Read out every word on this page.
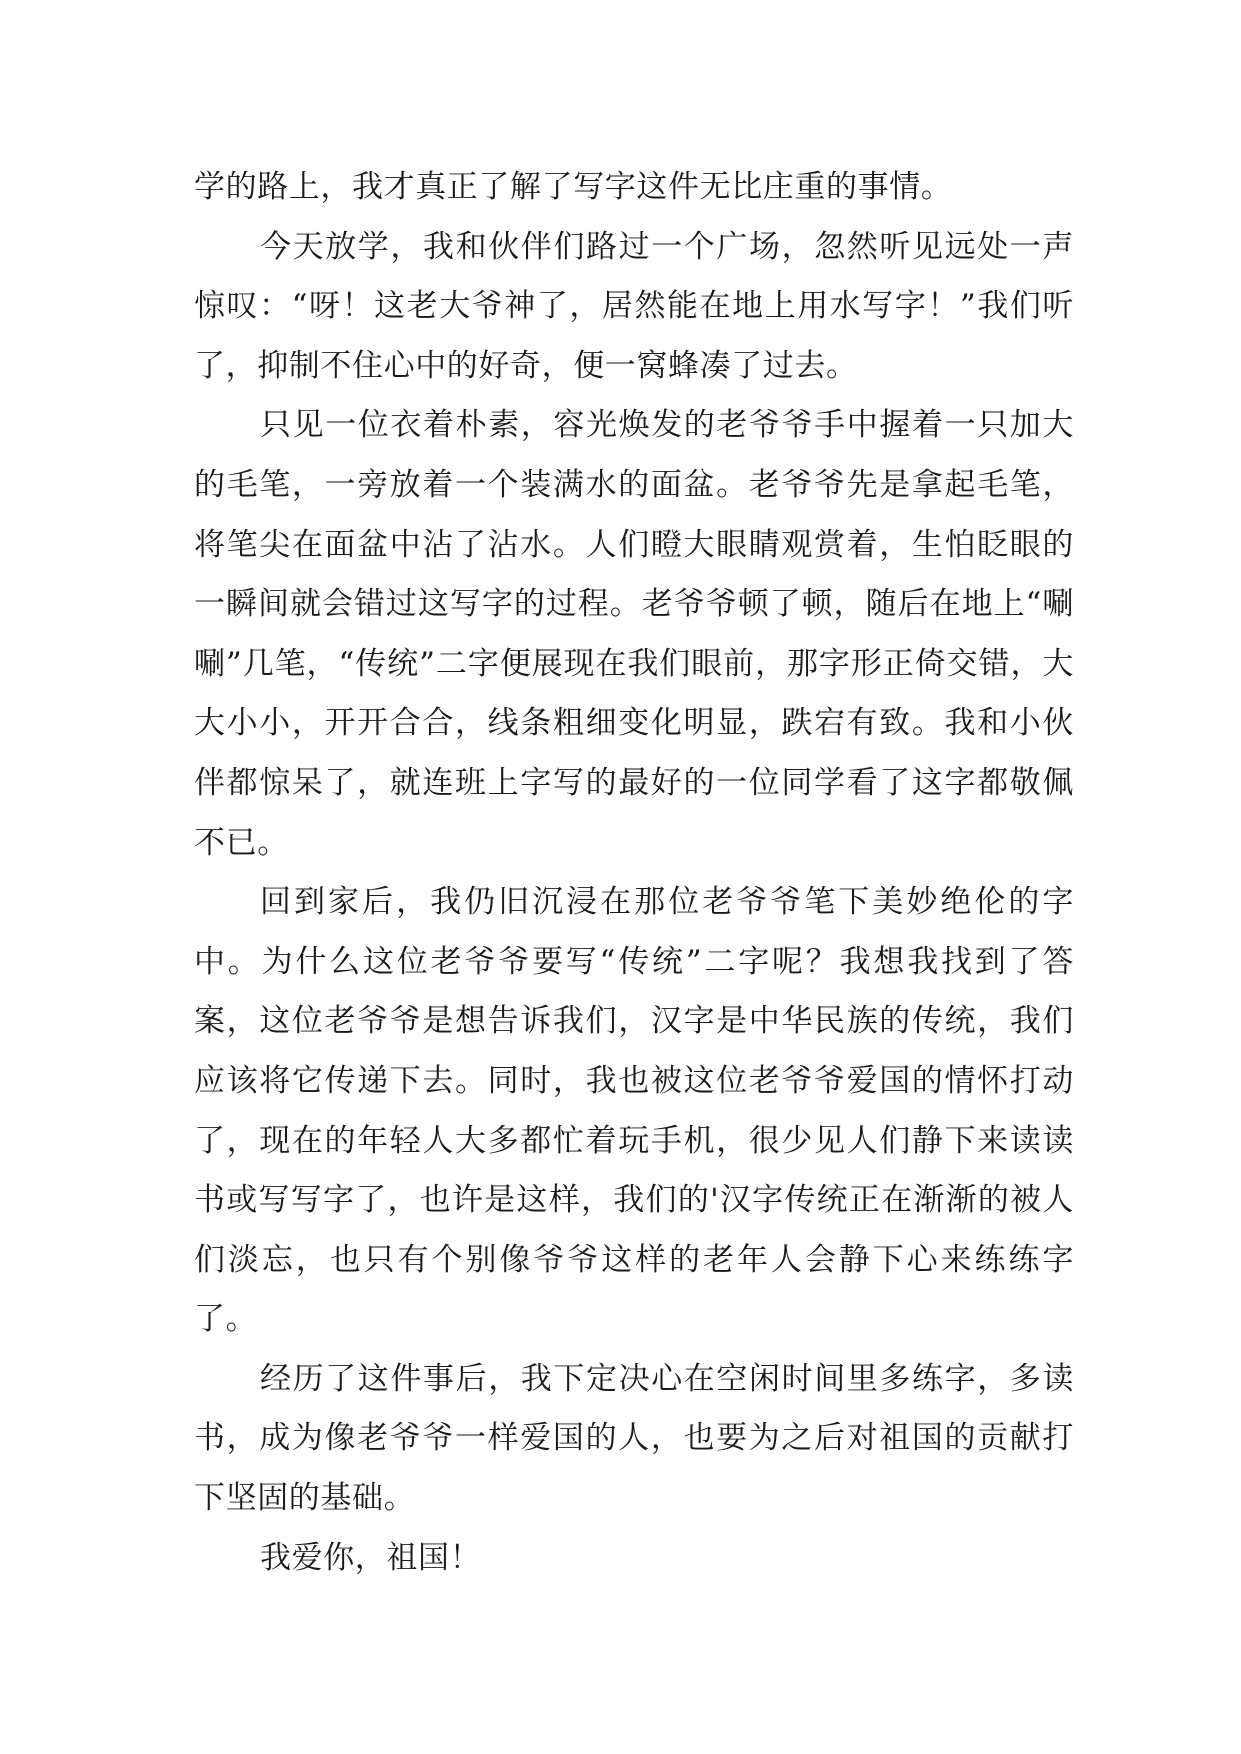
学的路上，我才真正了解了写字这件无比庄重的事情。

今天放学，我和伙伴们路过一个广场，忽然听见远处一声惊叹：“呀！这老大爷神了，居然能在地上用水写字！”我们听了，抑制不住心中的好奇，便一窝蜂凑了过去。

只见一位衣着朴素，容光焕发的老爷爷手中握着一只加大的毛笔，一旁放着一个装满水的面盆。老爷爷先是拿起毛笔，将笔尖在面盆中沾了沾水。人们瞪大眼睛观赏着，生怕眨眼的一瞬间就会错过这写字的过程。老爷爷顿了顿，随后在地上“唰唰”几笔，“传统”二字便展现在我们眼前，那字形正倚交错，大大小小，开开合合，线条粗细变化明显，跌宕有致。我和小伙伴都惊呆了，就连班上字写的最好的一位同学看了这字都敬佩不已。

回到家后，我仍旧沉浸在那位老爷爷笔下美妙绝伦的字中。为什么这位老爷爷要写“传统”二字呢？我想我找到了答案，这位老爷爷是想告诉我们，汉字是中华民族的传统，我们应该将它传递下去。同时，我也被这位老爷爷爱国的情怀打动了，现在的年轻人大多都忙着玩手机，很少见人们静下来读读书或写写字了，也许是这样，我们的'汉字传统正在渐渐的被人们淡忘，也只有个别像爷爷这样的老年人会静下心来练练字了。

经历了这件事后，我下定决心在空闲时间里多练字，多读书，成为像老爷爷一样爱国的人，也要为之后对祖国的贡献打下坚固的基础。

我爱你，祖国！
